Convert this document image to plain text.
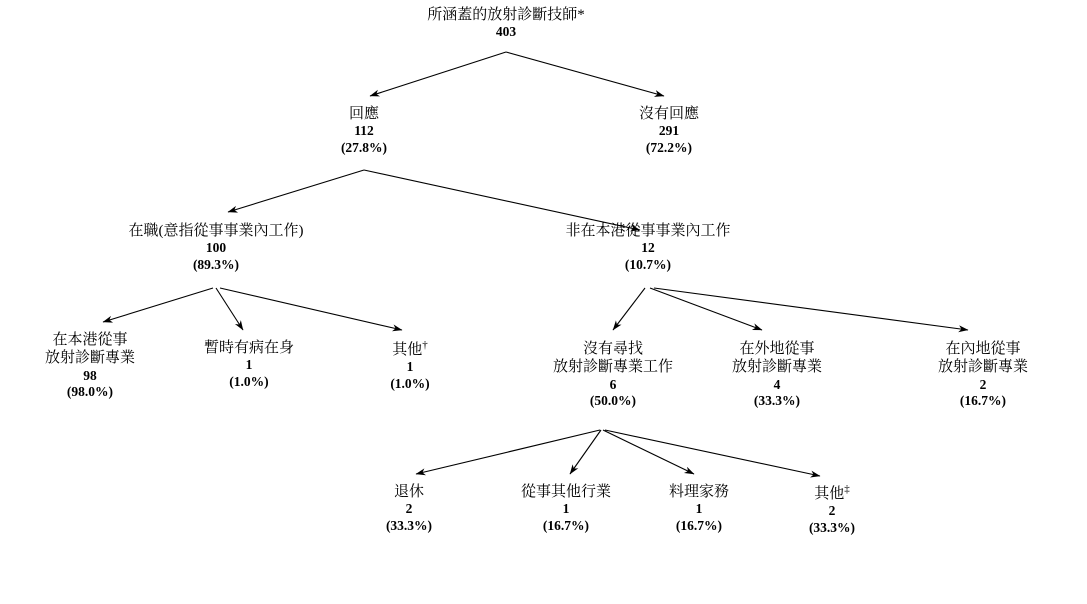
所涵蓋的放射診斷技師*
403
回應
112
(27.8%)
沒有回應
291
(72.2%)
在職(意指從事事業內工作)
100
(89.3%)
非在本港從事事業內工作
12
(10.7%)
在本港從事
放射診斷專業
98
(98.0%)
暫時有病在身
1
(1.0%)
其他†
1
(1.0%)
沒有尋找
放射診斷專業工作
6
(50.0%)
在外地從事
放射診斷專業
4
(33.3%)
在內地從事
放射診斷專業
2
(16.7%)
退休
2
(33.3%)
從事其他行業
1
(16.7%)
料理家務
1
(16.7%)
其他‡
2
(33.3%)
